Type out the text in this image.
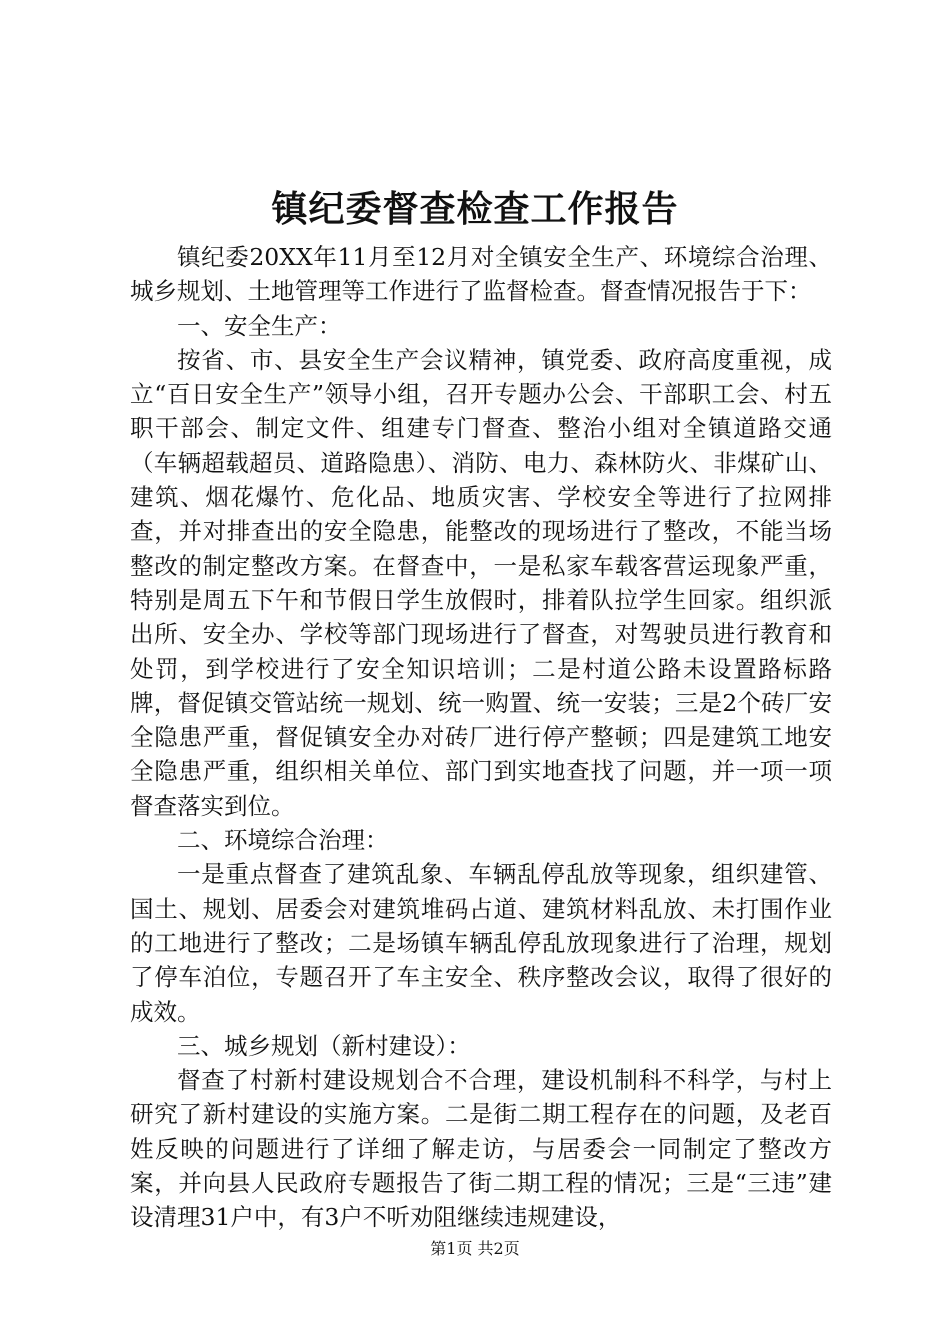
镇纪委督查检查工作报告

镇纪委20XX年11月至12月对全镇安全生产、环境综合治理、城乡规划、土地管理等工作进行了监督检查。督查情况报告于下：

一、安全生产：

按省、市、县安全生产会议精神，镇党委、政府高度重视，成立“百日安全生产”领导小组，召开专题办公会、干部职工会、村五职干部会、制定文件、组建专门督查、整治小组对全镇道路交通（车辆超载超员、道路隐患）、消防、电力、森林防火、非煤矿山、建筑、烟花爆竹、危化品、地质灾害、学校安全等进行了拉网排查，并对排查出的安全隐患，能整改的现场进行了整改，不能当场整改的制定整改方案。在督查中，一是私家车载客营运现象严重，特别是周五下午和节假日学生放假时，排着队拉学生回家。组织派出所、安全办、学校等部门现场进行了督查，对驾驶员进行教育和处罚，到学校进行了安全知识培训；二是村道公路未设置路标路牌，督促镇交管站统一规划、统一购置、统一安装；三是2个砖厂安全隐患严重，督促镇安全办对砖厂进行停产整顿；四是建筑工地安全隐患严重，组织相关单位、部门到实地查找了问题，并一项一项督查落实到位。

二、环境综合治理：

一是重点督查了建筑乱象、车辆乱停乱放等现象，组织建管、国土、规划、居委会对建筑堆码占道、建筑材料乱放、未打围作业的工地进行了整改；二是场镇车辆乱停乱放现象进行了治理，规划了停车泊位，专题召开了车主安全、秩序整改会议，取得了很好的成效。

三、城乡规划（新村建设）：

督查了村新村建设规划合不合理，建设机制科不科学，与村上研究了新村建设的实施方案。二是街二期工程存在的问题，及老百姓反映的问题进行了详细了解走访，与居委会一同制定了整改方案，并向县人民政府专题报告了街二期工程的情况；三是“三违”建设清理31户中，有3户不听劝阻继续违规建设，

第1页 共2页
